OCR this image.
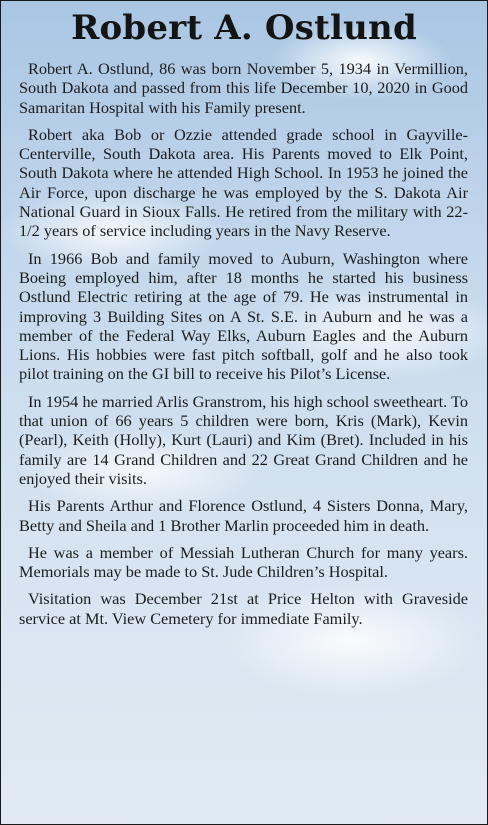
Robert A. Ostlund

Robert A. Ostlund, 86 was born November 5, 1934 in Vermillion, South Dakota and passed from this life December 10, 2020 in Good Samaritan Hospital with his Family present.

Robert aka Bob or Ozzie attended grade school in Gayville-Centerville, South Dakota area. His Parents moved to Elk Point, South Dakota where he attended High School. In 1953 he joined the Air Force, upon discharge he was employed by the S. Dakota Air National Guard in Sioux Falls. He retired from the military with 22-1/2 years of service including years in the Navy Reserve.

In 1966 Bob and family moved to Auburn, Washington where Boeing employed him, after 18 months he started his business Ostlund Electric retiring at the age of 79. He was instrumental in improving 3 Building Sites on A St. S.E. in Auburn and he was a member of the Federal Way Elks, Auburn Eagles and the Auburn Lions. His hobbies were fast pitch softball, golf and he also took pilot training on the GI bill to receive his Pilot’s License.

In 1954 he married Arlis Granstrom, his high school sweetheart. To that union of 66 years 5 children were born, Kris (Mark), Kevin (Pearl), Keith (Holly), Kurt (Lauri) and Kim (Bret). Included in his family are 14 Grand Children and 22 Great Grand Children and he enjoyed their visits.

His Parents Arthur and Florence Ostlund, 4 Sisters Donna, Mary, Betty and Sheila and 1 Brother Marlin proceeded him in death.

He was a member of Messiah Lutheran Church for many years. Memorials may be made to St. Jude Children’s Hospital.

Visitation was December 21st at Price Helton with Graveside service at Mt. View Cemetery for immediate Family.
